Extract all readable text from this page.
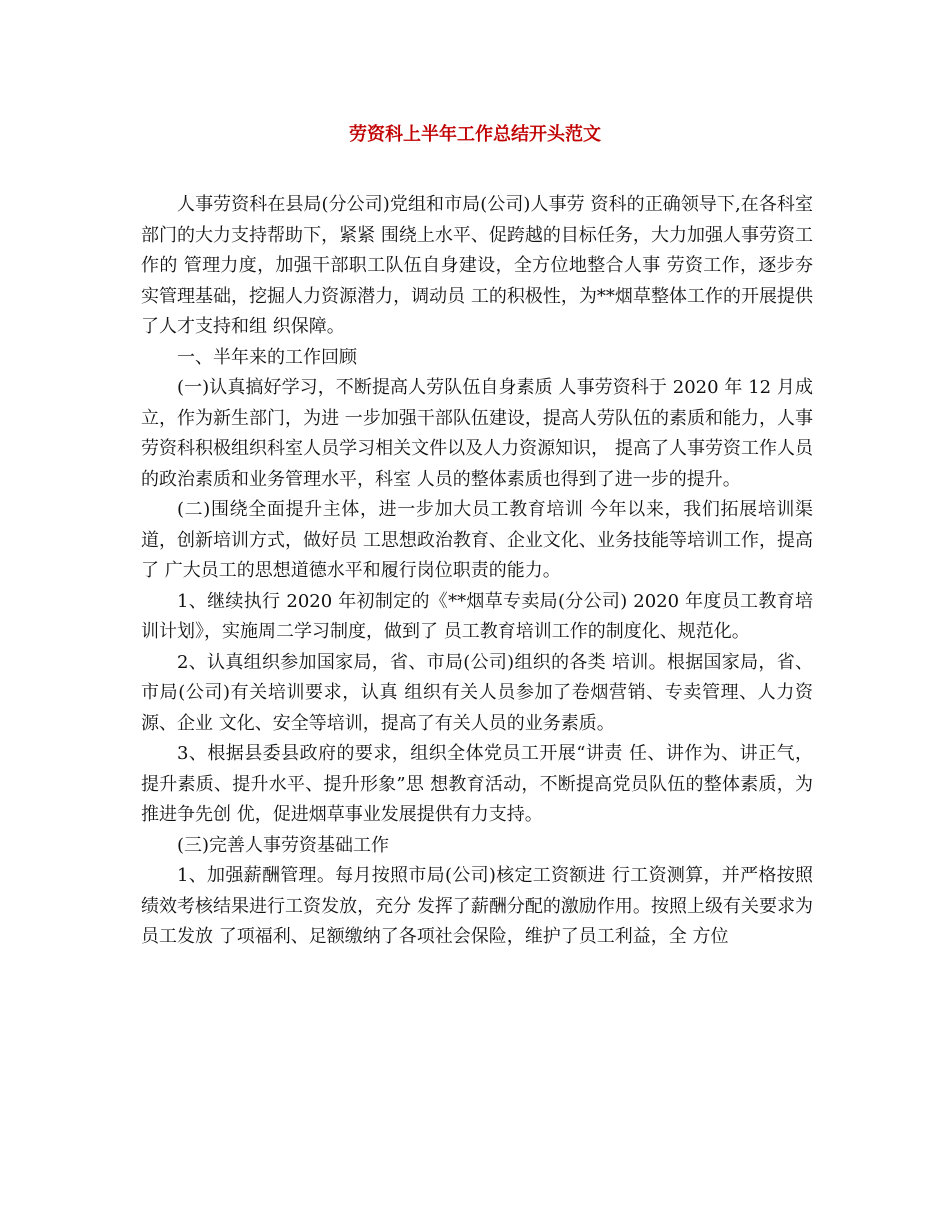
劳资科上半年工作总结开头范文

人事劳资科在县局(分公司)党组和市局(公司)人事劳 资科的正确领导下,在各科室部门的大力支持帮助下，紧紧 围绕上水平、促跨越的目标任务，大力加强人事劳资工作的 管理力度，加强干部职工队伍自身建设，全方位地整合人事 劳资工作，逐步夯实管理基础，挖掘人力资源潜力，调动员 工的积极性，为**烟草整体工作的开展提供了人才支持和组 织保障。

一、半年来的工作回顾

(一)认真搞好学习，不断提高人劳队伍自身素质 人事劳资科于 2020 年 12 月成立，作为新生部门，为进 一步加强干部队伍建设，提高人劳队伍的素质和能力，人事 劳资科积极组织科室人员学习相关文件以及人力资源知识， 提高了人事劳资工作人员的政治素质和业务管理水平，科室 人员的整体素质也得到了进一步的提升。

(二)围绕全面提升主体，进一步加大员工教育培训 今年以来，我们拓展培训渠道，创新培训方式，做好员 工思想政治教育、企业文化、业务技能等培训工作，提高了 广大员工的思想道德水平和履行岗位职责的能力。

1、继续执行 2020 年初制定的《**烟草专卖局(分公司) 2020 年度员工教育培训计划》，实施周二学习制度，做到了 员工教育培训工作的制度化、规范化。

2、认真组织参加国家局，省、市局(公司)组织的各类 培训。根据国家局，省、市局(公司)有关培训要求，认真 组织有关人员参加了卷烟营销、专卖管理、人力资源、企业 文化、安全等培训，提高了有关人员的业务素质。

3、根据县委县政府的要求，组织全体党员工开展“讲责 任、讲作为、讲正气，提升素质、提升水平、提升形象”思 想教育活动，不断提高党员队伍的整体素质，为推进争先创 优，促进烟草事业发展提供有力支持。

(三)完善人事劳资基础工作

1、加强薪酬管理。每月按照市局(公司)核定工资额进 行工资测算，并严格按照绩效考核结果进行工资发放，充分 发挥了薪酬分配的激励作用。按照上级有关要求为员工发放 了项福利、足额缴纳了各项社会保险，维护了员工利益，全 方位
